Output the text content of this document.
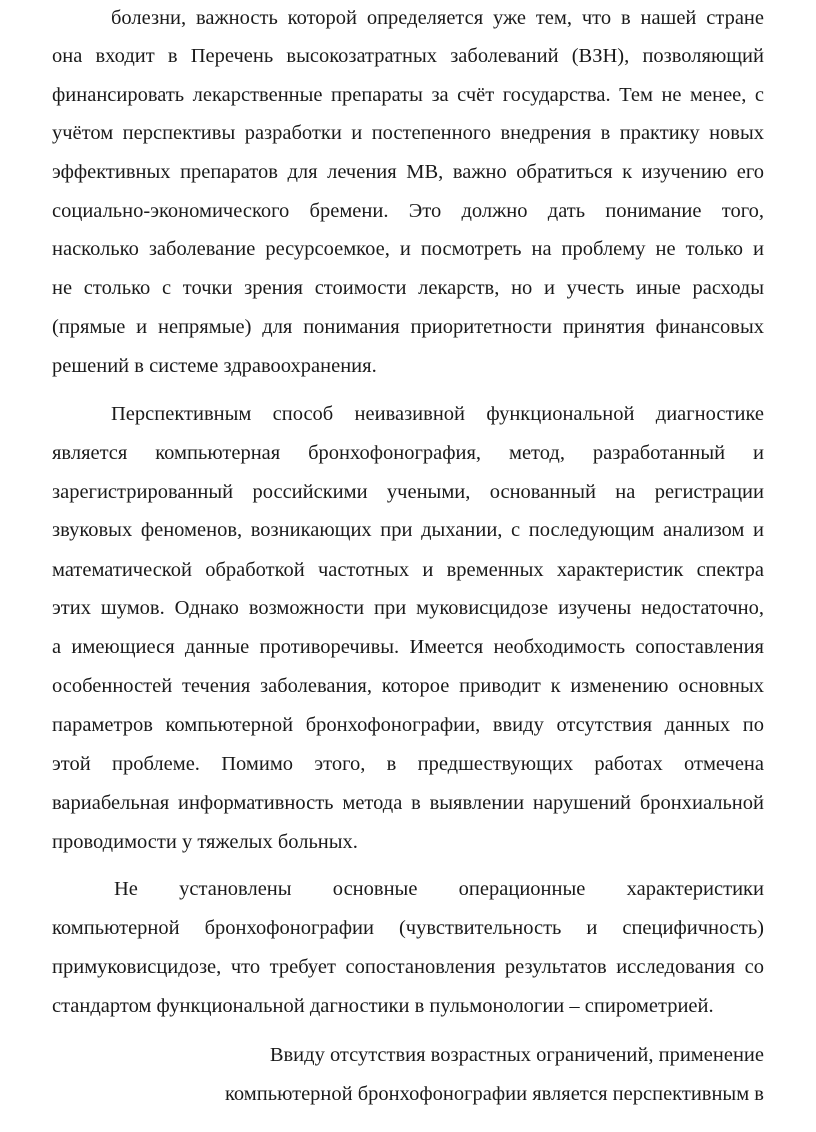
болезни, важность которой определяется уже тем, что в нашей стране
она входит в Перечень высокозатратных заболеваний (ВЗН), позволяющий
финансировать лекарственные препараты за счёт государства. Тем не менее, с
учётом перспективы разработки и постепенного внедрения в практику новых
эффективных препаратов для лечения МВ, важно обратиться к изучению его
социально-экономического бремени. Это должно дать понимание того,
насколько заболевание ресурсоемкое, и посмотреть на проблему не только и
не столько с точки зрения стоимости лекарств, но и учесть иные расходы
(прямые и непрямые) для понимания приоритетности принятия финансовых
решений в системе здравоохранения.
Перспективным способ неивазивной функциональной диагностике
является компьютерная бронхофонография, метод, разработанный и
зарегистрированный российскими учеными, основанный на регистрации
звуковых феноменов, возникающих при дыхании, с последующим анализом и
математической обработкой частотных и временных характеристик спектра
этих шумов. Однако возможности при муковисцидозе изучены недостаточно,
а имеющиеся данные противоречивы. Имеется необходимость сопоставления
особенностей течения заболевания, которое приводит к изменению основных
параметров компьютерной бронхофонографии, ввиду отсутствия данных по
этой проблеме. Помимо этого, в предшествующих работах отмечена
вариабельная информативность метода в выявлении нарушений бронхиальной
проводимости у тяжелых больных.
Не установлены основные операционные характеристики
компьютерной бронхофонографии (чувствительность и специфичность)
примуковисцидозе, что требует сопостановления результатов исследования со
стандартом функциональной дагностики в пульмонологии – спирометрией.
Ввиду отсутствия возрастных ограничений, применение
компьютерной бронхофонографии является перспективным в
